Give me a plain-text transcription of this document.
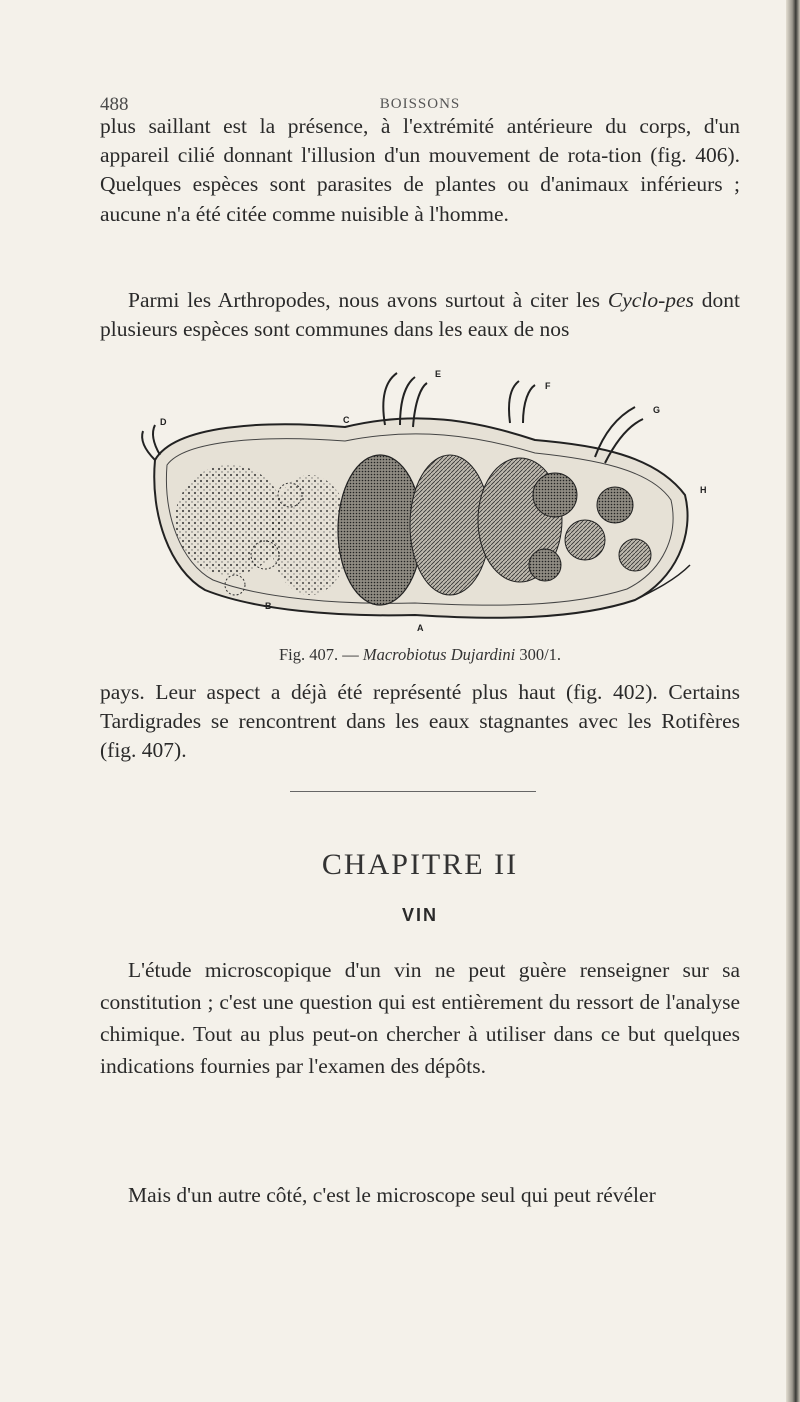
488	BOISSONS

plus saillant est la présence, à l'extrémité antérieure du corps, d'un appareil cilié donnant l'illusion d'un mouvement de rota-tion (fig. 406). Quelques espèces sont parasites de plantes ou d'animaux inférieurs ; aucune n'a été citée comme nuisible à l'homme.

Parmi les Arthropodes, nous avons surtout à citer les Cyclo-pes dont plusieurs espèces sont communes dans les eaux de nos

D	C
E
F
G
H
B
A
Fig. 407. — Macrobiotus Dujardini 300/1.

pays. Leur aspect a déjà été représenté plus haut (fig. 402). Certains Tardigrades se rencontrent dans les eaux stagnantes avec les Rotifères (fig. 407).

CHAPITRE II
VIN

L'étude microscopique d'un vin ne peut guère renseigner sur sa constitution ; c'est une question qui est entièrement du ressort de l'analyse chimique. Tout au plus peut-on chercher à utiliser dans ce but quelques indications fournies par l'examen des dépôts.

Mais d'un autre côté, c'est le microscope seul qui peut révéler
